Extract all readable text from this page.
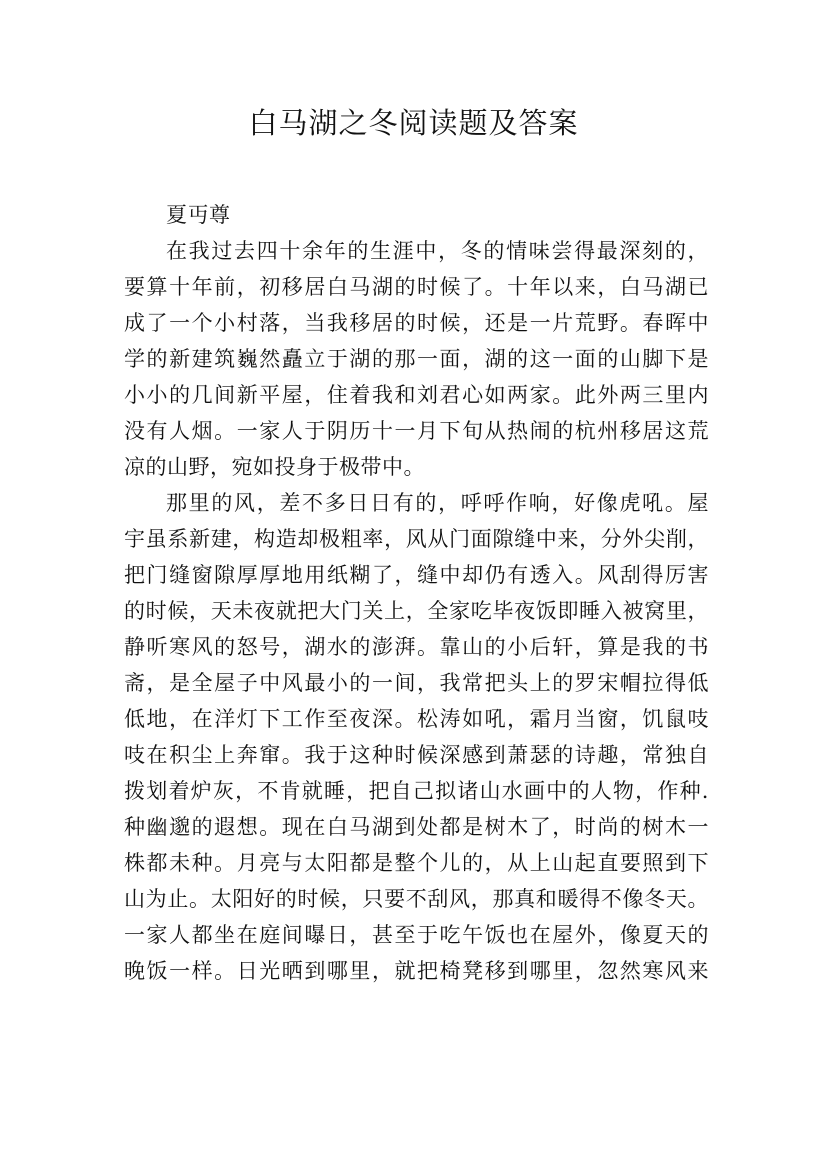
白马湖之冬阅读题及答案
夏丏尊
在我过去四十余年的生涯中，冬的情味尝得最深刻的，
要算十年前，初移居白马湖的时候了。十年以来，白马湖已
成了一个小村落，当我移居的时候，还是一片荒野。春晖中
学的新建筑巍然矗立于湖的那一面，湖的这一面的山脚下是
小小的几间新平屋，住着我和刘君心如两家。此外两三里内
没有人烟。一家人于阴历十一月下旬从热闹的杭州移居这荒
凉的山野，宛如投身于极带中。
那里的风，差不多日日有的，呼呼作响，好像虎吼。屋
宇虽系新建，构造却极粗率，风从门面隙缝中来，分外尖削，
把门缝窗隙厚厚地用纸糊了，缝中却仍有透入。风刮得厉害
的时候，天未夜就把大门关上，全家吃毕夜饭即睡入被窝里，
静听寒风的怒号，湖水的澎湃。靠山的小后轩，算是我的书
斋，是全屋子中风最小的一间，我常把头上的罗宋帽拉得低
低地，在洋灯下工作至夜深。松涛如吼，霜月当窗，饥鼠吱
吱在积尘上奔窜。我于这种时候深感到萧瑟的诗趣，常独自
拨划着炉灰，不肯就睡，把自己拟诸山水画中的人物，作种.
种幽邈的遐想。现在白马湖到处都是树木了，时尚的树木一
株都未种。月亮与太阳都是整个儿的，从上山起直要照到下
山为止。太阳好的时候，只要不刮风，那真和暖得不像冬天。
一家人都坐在庭间曝日，甚至于吃午饭也在屋外，像夏天的
晚饭一样。日光晒到哪里，就把椅凳移到哪里，忽然寒风来
